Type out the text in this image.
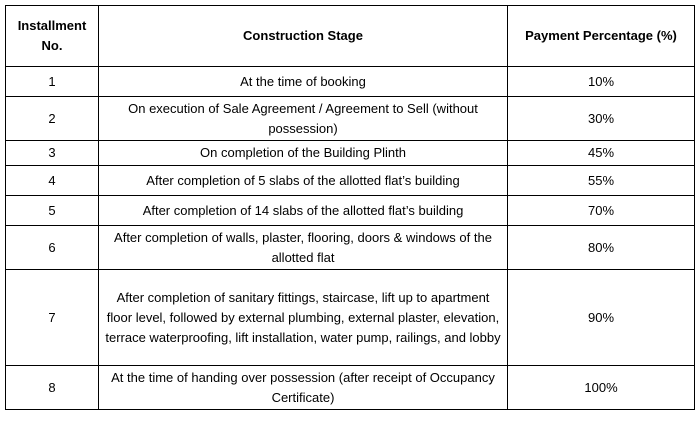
Installment No.	Construction Stage	Payment Percentage (%)
1	At the time of booking	10%
2	On execution of Sale Agreement / Agreement to Sell (without possession)	30%
3	On completion of the Building Plinth	45%
4	After completion of 5 slabs of the allotted flat’s building	55%
5	After completion of 14 slabs of the allotted flat’s building	70%
6	After completion of walls, plaster, flooring, doors & windows of the allotted flat	80%
7	After completion of sanitary fittings, staircase, lift up to apartment floor level, followed by external plumbing, external plaster, elevation, terrace waterproofing, lift installation, water pump, railings, and lobby	90%
8	At the time of handing over possession (after receipt of Occupancy Certificate)	100%
